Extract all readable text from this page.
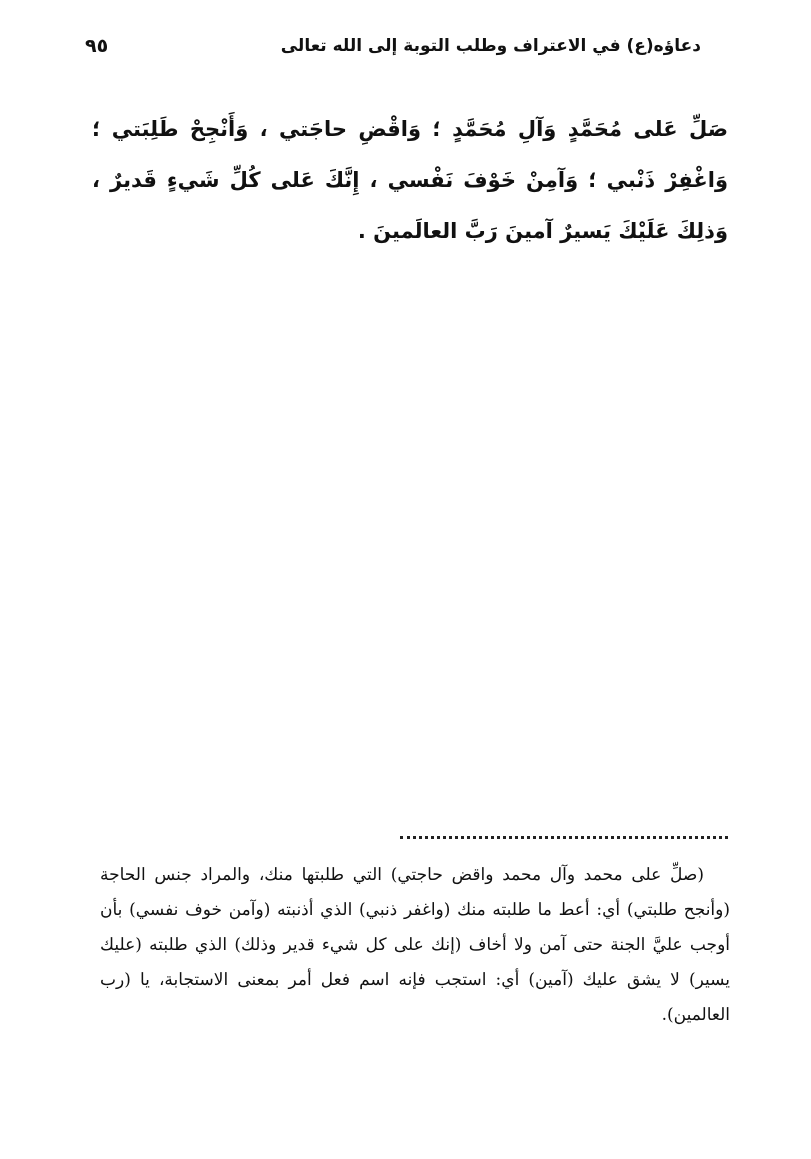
٩٥	دعاؤه(ع) في الاعتراف وطلب التوبة إلى الله تعالى
صَلِّ عَلى مُحَمَّدٍ وَآلِ مُحَمَّدٍ ؛ وَاقْضِ حاجَتي ، وَأَنْجِحْ طَلِبَتي ؛ وَاغْفِرْ ذَنْبي ؛ وَآمِنْ خَوْفَ نَفْسي ، إِنَّكَ عَلى كُلِّ شَيءٍ قَديرٌ ، وَذلِكَ عَلَيْكَ يَسيرٌ آمينَ رَبَّ العالَمينَ .
(صلِّ على محمد وآل محمد واقض حاجتي) التي طلبتها منك، والمراد جنس الحاجة (وأنجح طلبتي) أي: أعط ما طلبته منك (واغفر ذنبي) الذي أذنبته (وآمن خوف نفسي) بأن أوجب عليَّ الجنة حتى آمن ولا أخاف (إنك على كل شيء قدير وذلك) الذي طلبته (عليك يسير) لا يشق عليك (آمين) أي: استجب فإنه اسم فعل أمر بمعنى الاستجابة، يا (رب العالمين).
